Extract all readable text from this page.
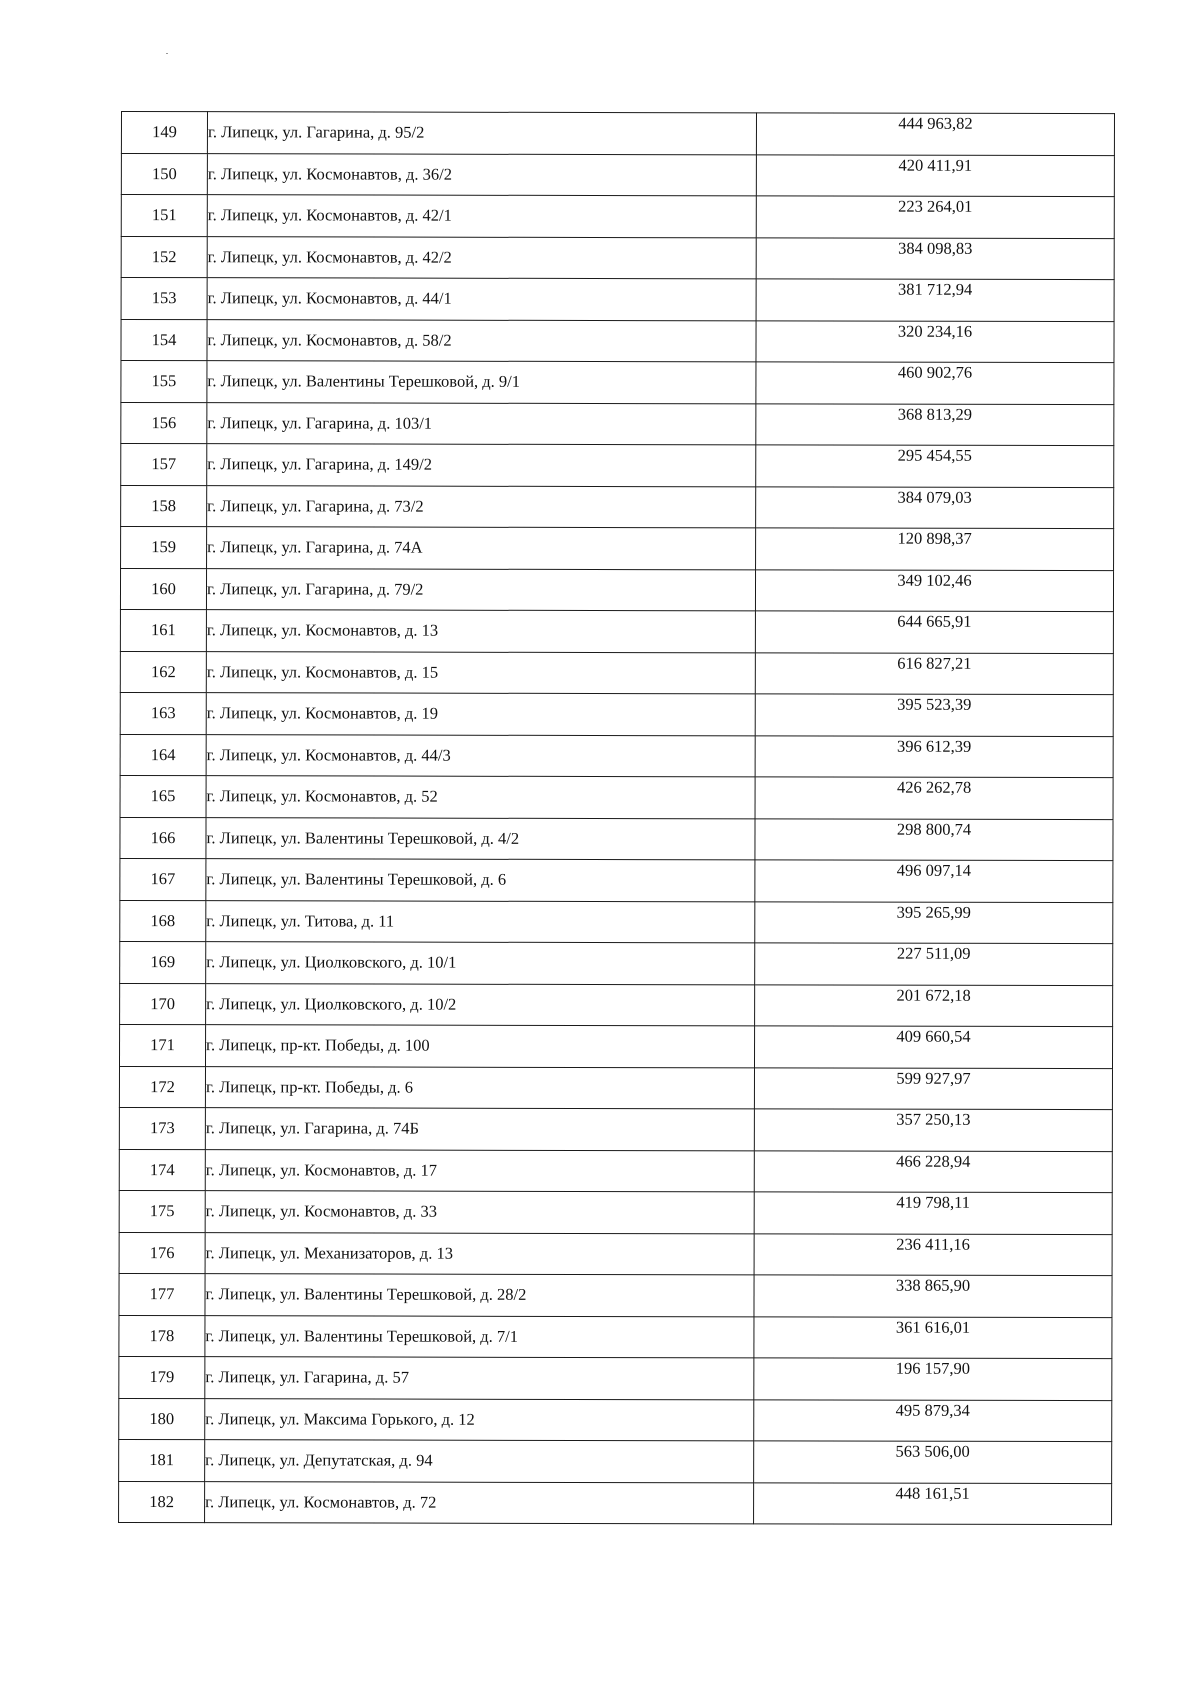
149	г. Липецк, ул. Гагарина, д. 95/2	444 963,82
150	г. Липецк, ул. Космонавтов, д. 36/2	420 411,91
151	г. Липецк, ул. Космонавтов, д. 42/1	223 264,01
152	г. Липецк, ул. Космонавтов, д. 42/2	384 098,83
153	г. Липецк, ул. Космонавтов, д. 44/1	381 712,94
154	г. Липецк, ул. Космонавтов, д. 58/2	320 234,16
155	г. Липецк, ул. Валентины Терешковой, д. 9/1	460 902,76
156	г. Липецк, ул. Гагарина, д. 103/1	368 813,29
157	г. Липецк, ул. Гагарина, д. 149/2	295 454,55
158	г. Липецк, ул. Гагарина, д. 73/2	384 079,03
159	г. Липецк, ул. Гагарина, д. 74А	120 898,37
160	г. Липецк, ул. Гагарина, д. 79/2	349 102,46
161	г. Липецк, ул. Космонавтов, д. 13	644 665,91
162	г. Липецк, ул. Космонавтов, д. 15	616 827,21
163	г. Липецк, ул. Космонавтов, д. 19	395 523,39
164	г. Липецк, ул. Космонавтов, д. 44/3	396 612,39
165	г. Липецк, ул. Космонавтов, д. 52	426 262,78
166	г. Липецк, ул. Валентины Терешковой, д. 4/2	298 800,74
167	г. Липецк, ул. Валентины Терешковой, д. 6	496 097,14
168	г. Липецк, ул. Титова, д. 11	395 265,99
169	г. Липецк, ул. Циолковского, д. 10/1	227 511,09
170	г. Липецк, ул. Циолковского, д. 10/2	201 672,18
171	г. Липецк, пр-кт. Победы, д. 100	409 660,54
172	г. Липецк, пр-кт. Победы, д. 6	599 927,97
173	г. Липецк, ул. Гагарина, д. 74Б	357 250,13
174	г. Липецк, ул. Космонавтов, д. 17	466 228,94
175	г. Липецк, ул. Космонавтов, д. 33	419 798,11
176	г. Липецк, ул. Механизаторов, д. 13	236 411,16
177	г. Липецк, ул. Валентины Терешковой, д. 28/2	338 865,90
178	г. Липецк, ул. Валентины Терешковой, д. 7/1	361 616,01
179	г. Липецк, ул. Гагарина, д. 57	196 157,90
180	г. Липецк, ул. Максима Горького, д. 12	495 879,34
181	г. Липецк, ул. Депутатская, д. 94	563 506,00
182	г. Липецк, ул. Космонавтов, д. 72	448 161,51
